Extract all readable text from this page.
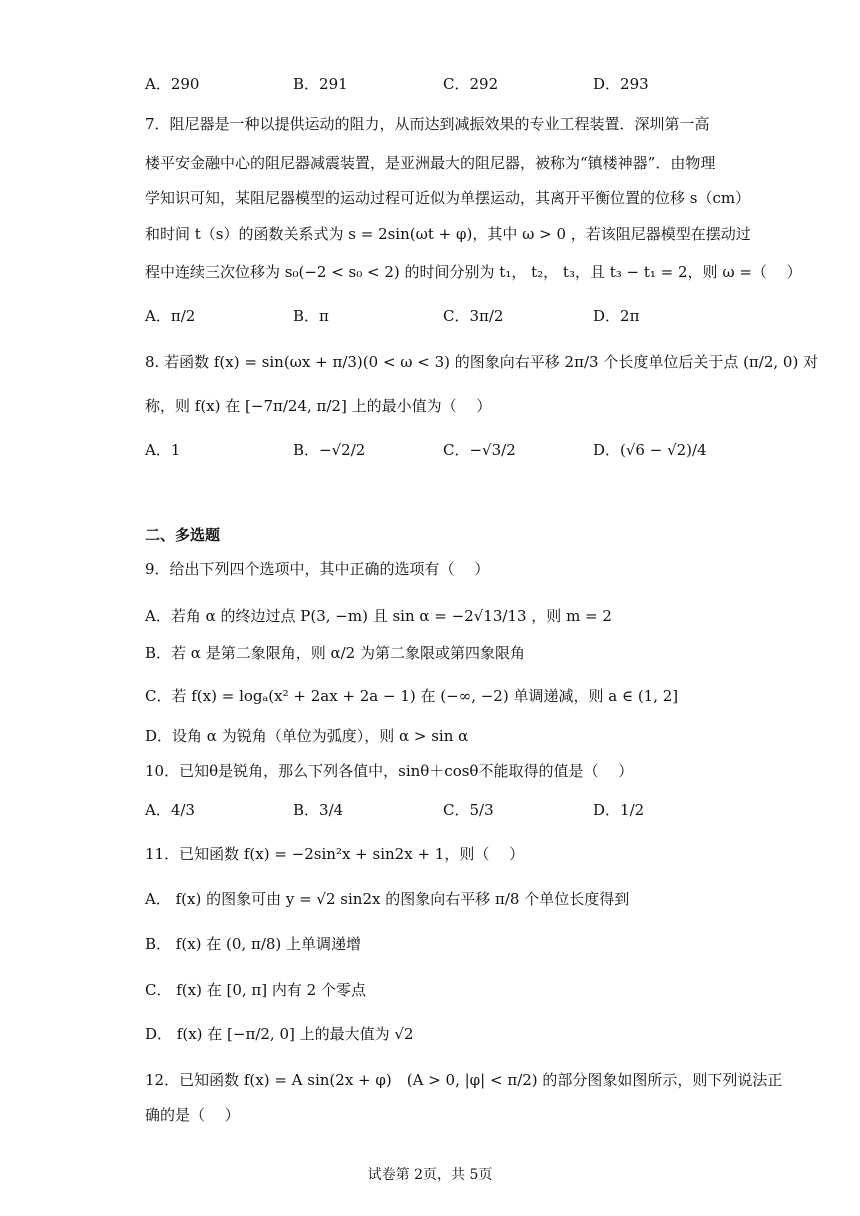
A．290	B．291	C．292	D．293
7．阻尼器是一种以提供运动的阻力，从而达到减振效果的专业工程装置．深圳第一高
楼平安金融中心的阻尼器减震装置，是亚洲最大的阻尼器，被称为“镇楼神器”．由物理
学知识可知，某阻尼器模型的运动过程可近似为单摆运动，其离开平衡位置的位移 s（cm）
和时间 t（s）的函数关系式为 s = 2sin(ωt + φ)，其中 ω > 0 ，若该阻尼器模型在摆动过
程中连续三次位移为 s₀(−2 < s₀ < 2) 的时间分别为 t₁， t₂， t₃，且 t₃ − t₁ = 2，则 ω =（　 ）
A．π/2	B．π	C．3π/2	D．2π
8. 若函数 f(x) = sin(ωx + π/3)(0 < ω < 3) 的图象向右平移 2π/3 个长度单位后关于点 (π/2, 0) 对
称，则 f(x) 在 [−7π/24, π/2] 上的最小值为（　 ）
A．1	B．−√2/2	C．−√3/2	D．(√6 − √2)/4
二、多选题
9．给出下列四个选项中，其中正确的选项有（　 ）
A．若角 α 的终边过点 P(3, −m) 且 sin α = −2√13/13 ，则 m = 2
B．若 α 是第二象限角，则 α/2 为第二象限或第四象限角
C．若 f(x) = logₐ(x² + 2ax + 2a − 1) 在 (−∞, −2) 单调递减，则 a ∈ (1, 2]
D．设角 α 为锐角（单位为弧度），则 α > sin α
10．已知θ是锐角，那么下列各值中，sinθ＋cosθ不能取得的值是（　 ）
A．4/3	B．3/4	C．5/3	D．1/2
11．已知函数 f(x) = −2sin²x + sin2x + 1，则（　 ）
A． f(x) 的图象可由 y = √2 sin2x 的图象向右平移 π/8 个单位长度得到
B． f(x) 在 (0, π/8) 上单调递增
C． f(x) 在 [0, π] 内有 2 个零点
D． f(x) 在 [−π/2, 0] 上的最大值为 √2
12．已知函数 f(x) = A sin(2x + φ)　(A > 0, |φ| < π/2) 的部分图象如图所示，则下列说法正
确的是（　 ）
试卷第 2页，共 5页
